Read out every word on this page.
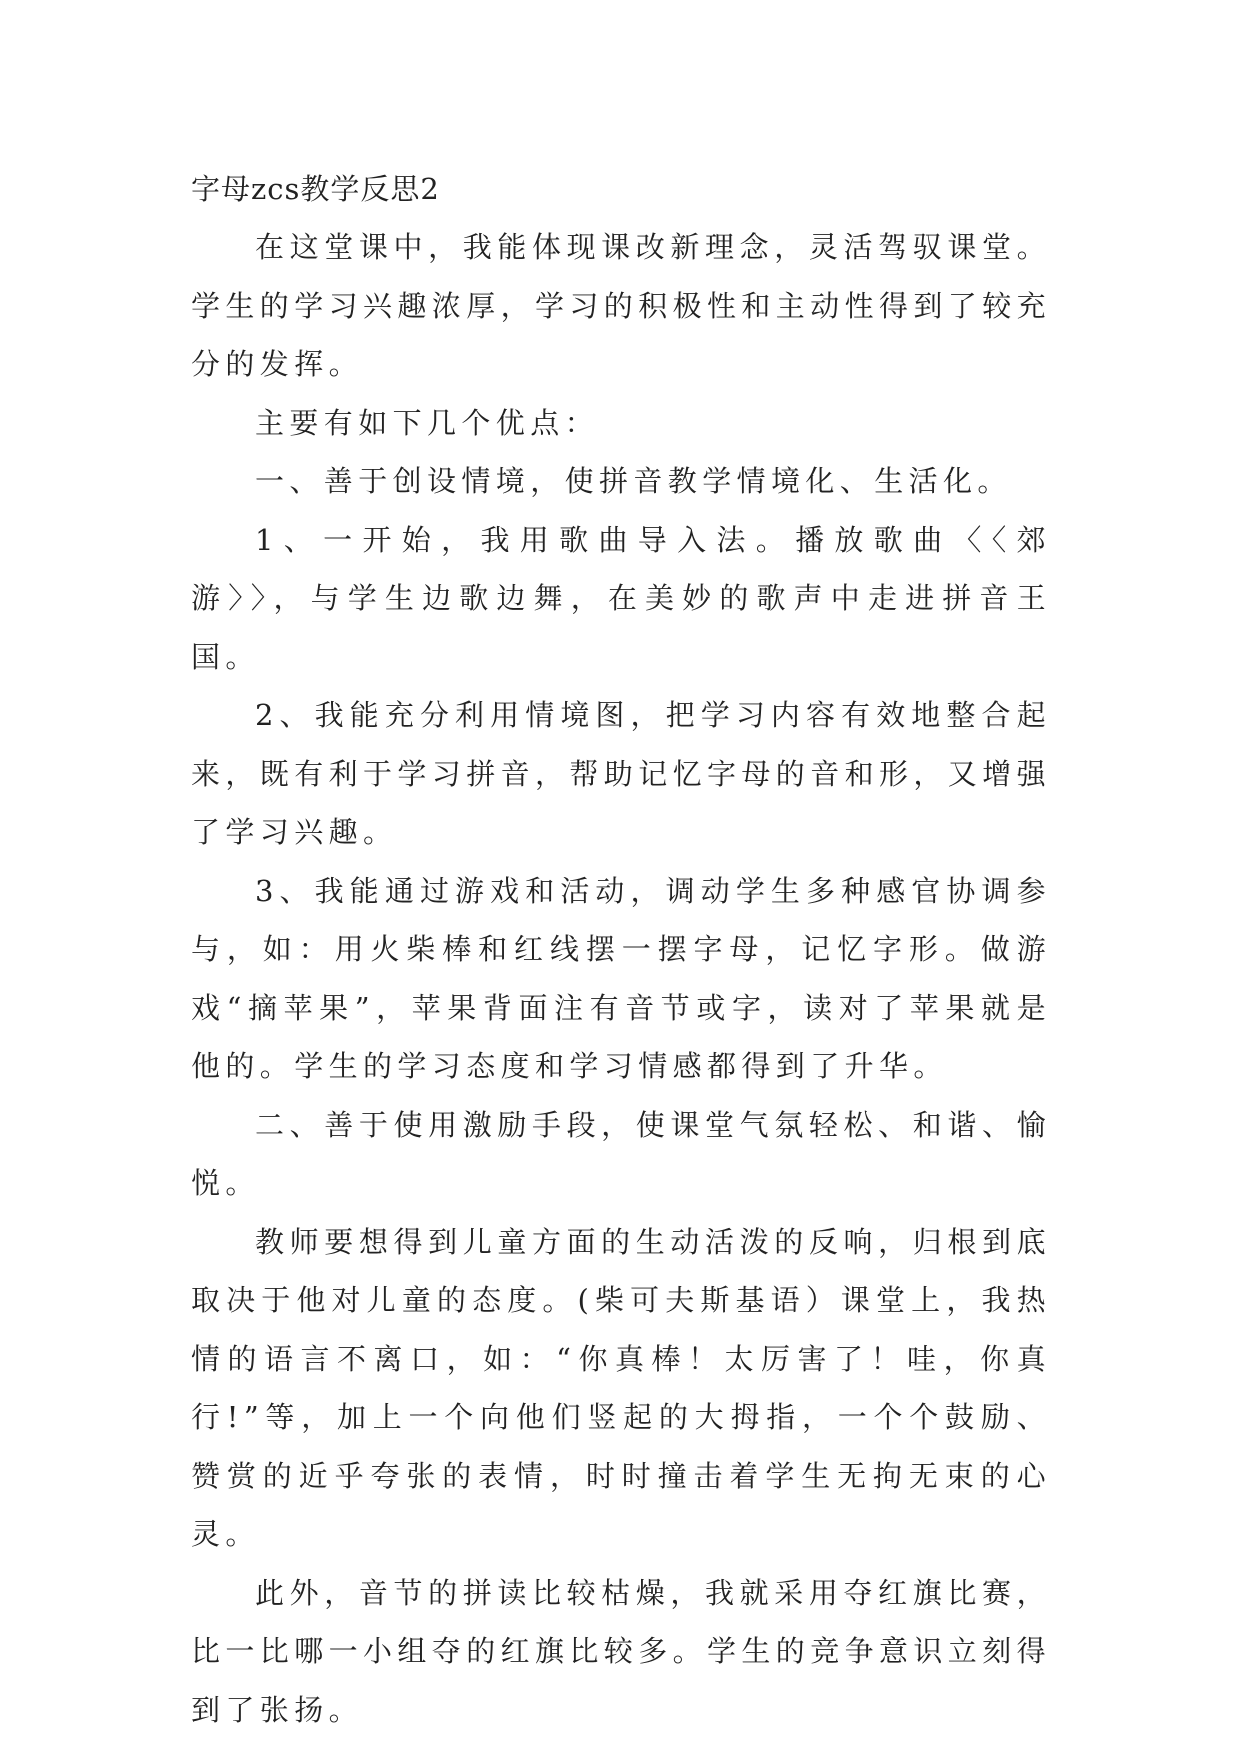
字母zcs教学反思2

在这堂课中，我能体现课改新理念，灵活驾驭课堂。学生的学习兴趣浓厚，学习的积极性和主动性得到了较充分的发挥。

主要有如下几个优点：

一、善于创设情境，使拼音教学情境化、生活化。

1、一开始，我用歌曲导入法。播放歌曲〈〈郊游〉〉，与学生边歌边舞，在美妙的歌声中走进拼音王国。

2、我能充分利用情境图，把学习内容有效地整合起来，既有利于学习拼音，帮助记忆字母的音和形，又增强了学习兴趣。

3、我能通过游戏和活动，调动学生多种感官协调参与，如：用火柴棒和红线摆一摆字母，记忆字形。做游戏“摘苹果”，苹果背面注有音节或字，读对了苹果就是他的。学生的学习态度和学习情感都得到了升华。

二、善于使用激励手段，使课堂气氛轻松、和谐、愉悦。

教师要想得到儿童方面的生动活泼的反响，归根到底取决于他对儿童的态度。(柴可夫斯基语）课堂上，我热情的语言不离口，如：“你真棒！太厉害了！哇，你真行!”等，加上一个向他们竖起的大拇指，一个个鼓励、赞赏的近乎夸张的表情，时时撞击着学生无拘无束的心灵。

此外，音节的拼读比较枯燥，我就采用夺红旗比赛，比一比哪一小组夺的红旗比较多。学生的竞争意识立刻得到了张扬。
